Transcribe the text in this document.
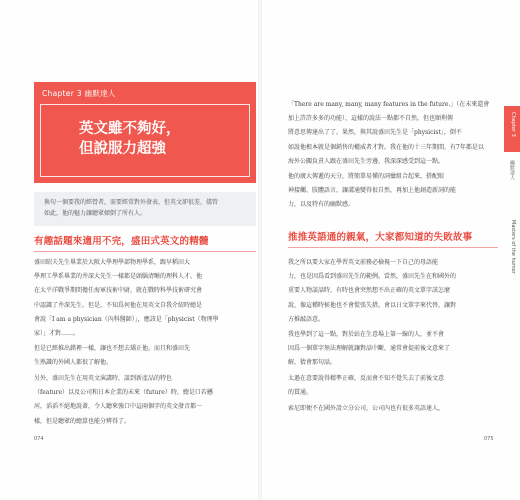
Chapter 3 幽默達人
英文雖不夠好，
但說服力超強
換句一個要我的經營者，需要經常對外發表，但英文卻很差，儘管
如此，他的魅力讓聽眾傾倒了所有人。
有趣話題來適用不完，盛田式英文的精髓
盛田昭夫先生畢業於大阪大學理學部物理學系，跟早稻田大
學理工學系畢業的井深大先生一樣都是頭腦清晰的理科人才。他
在太平洋戰爭期間擔任海軍技術中尉，就在戰時科學技術研究會
中認識了井深先生。但是，不知爲何他在用英文自我介紹時總是
會說「I am a physician（內科醫師）」，應該是「physicist（物理學
家）」才對……。
但是已經推出錯裡一樣，讓也不想去矯正他。而且和盛田先
生熟識的外國人都很了解他。
另外，盛田先生在用英文演講時，談到新產品的特色
（feature）以及公司和日本企業的未來（future）時，總是口若懸
河，滔滔不絕地說著，令人聽來強口中這兩個字的英文發音都一
樣，但是聽眾的總算也能分辨得了。
074
「There are many, many, many features in the future.」（在未來還會
加上許許多多的功能），這樣的說法一點都不自然，但也順利傳
將意思傳達出了了。果然，與其說盛田先生是「physicist」，倒不
如說他根本就是個銷售的權威者才對。我在他的十三年期間，有7年都是以
海外公關負責人跟在盛田先生旁邊，我深深感受到這一點。
他的廣大傳遞的天分，將簡單易懂的詞彙組合起來，搭配眼
神接觸、肢體語言，讓溝通變得很自然，再加上他創造新詞的能
力，以及特有的幽默感。
推推英語通的親氣，大家都知道的失敗故事
我之所以要大家在學習英文前務必檢視一下自己的母語能
力，也是因爲看到盛田先生的範例。當然，盛田先生在和國外的
重要人物談話時，有時也會突然想不出正確的英文單字該怎麼
說，像這種時候他也不會慌張失措，會以日文單字來代替，讓對
方推敲語意。
我也學到了這一點，對於站在生意場上第一線的人，並不會
因爲一個單字無法理解就讓對話中斷，通常會提前後文意來了
解，猜會那句話。
太過在意要說得精準正確，反而會不知不覺失去了前後文意
的貫通。
索尼即便不在國外設立分公司，公司內也有很多英語達人，
075
Chapter 3
幽默達人
Masters of the humor
